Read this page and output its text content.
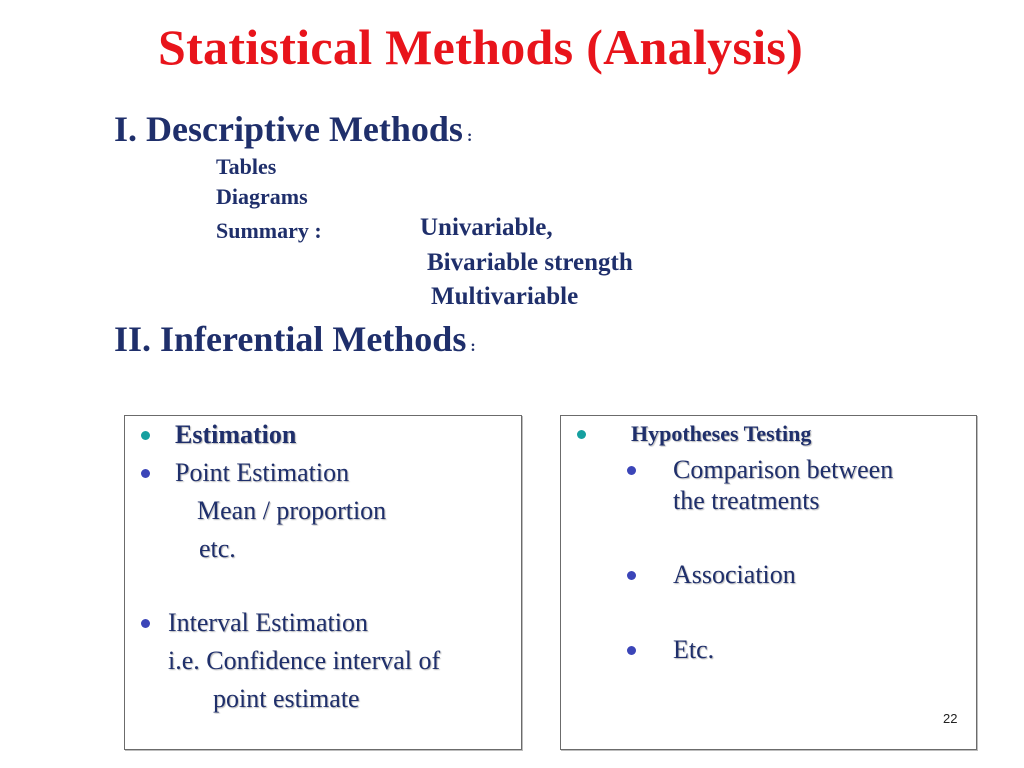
Statistical Methods (Analysis)
I. Descriptive Methods :
Tables
Diagrams
Summary :	Univariable,
Bivariable strength
Multivariable
II. Inferential Methods :
Estimation
Point Estimation
Mean / proportion
etc.
Interval Estimation
i.e. Confidence interval of
point estimate
Hypotheses Testing
Comparison between
the treatments
Association
Etc.
22
